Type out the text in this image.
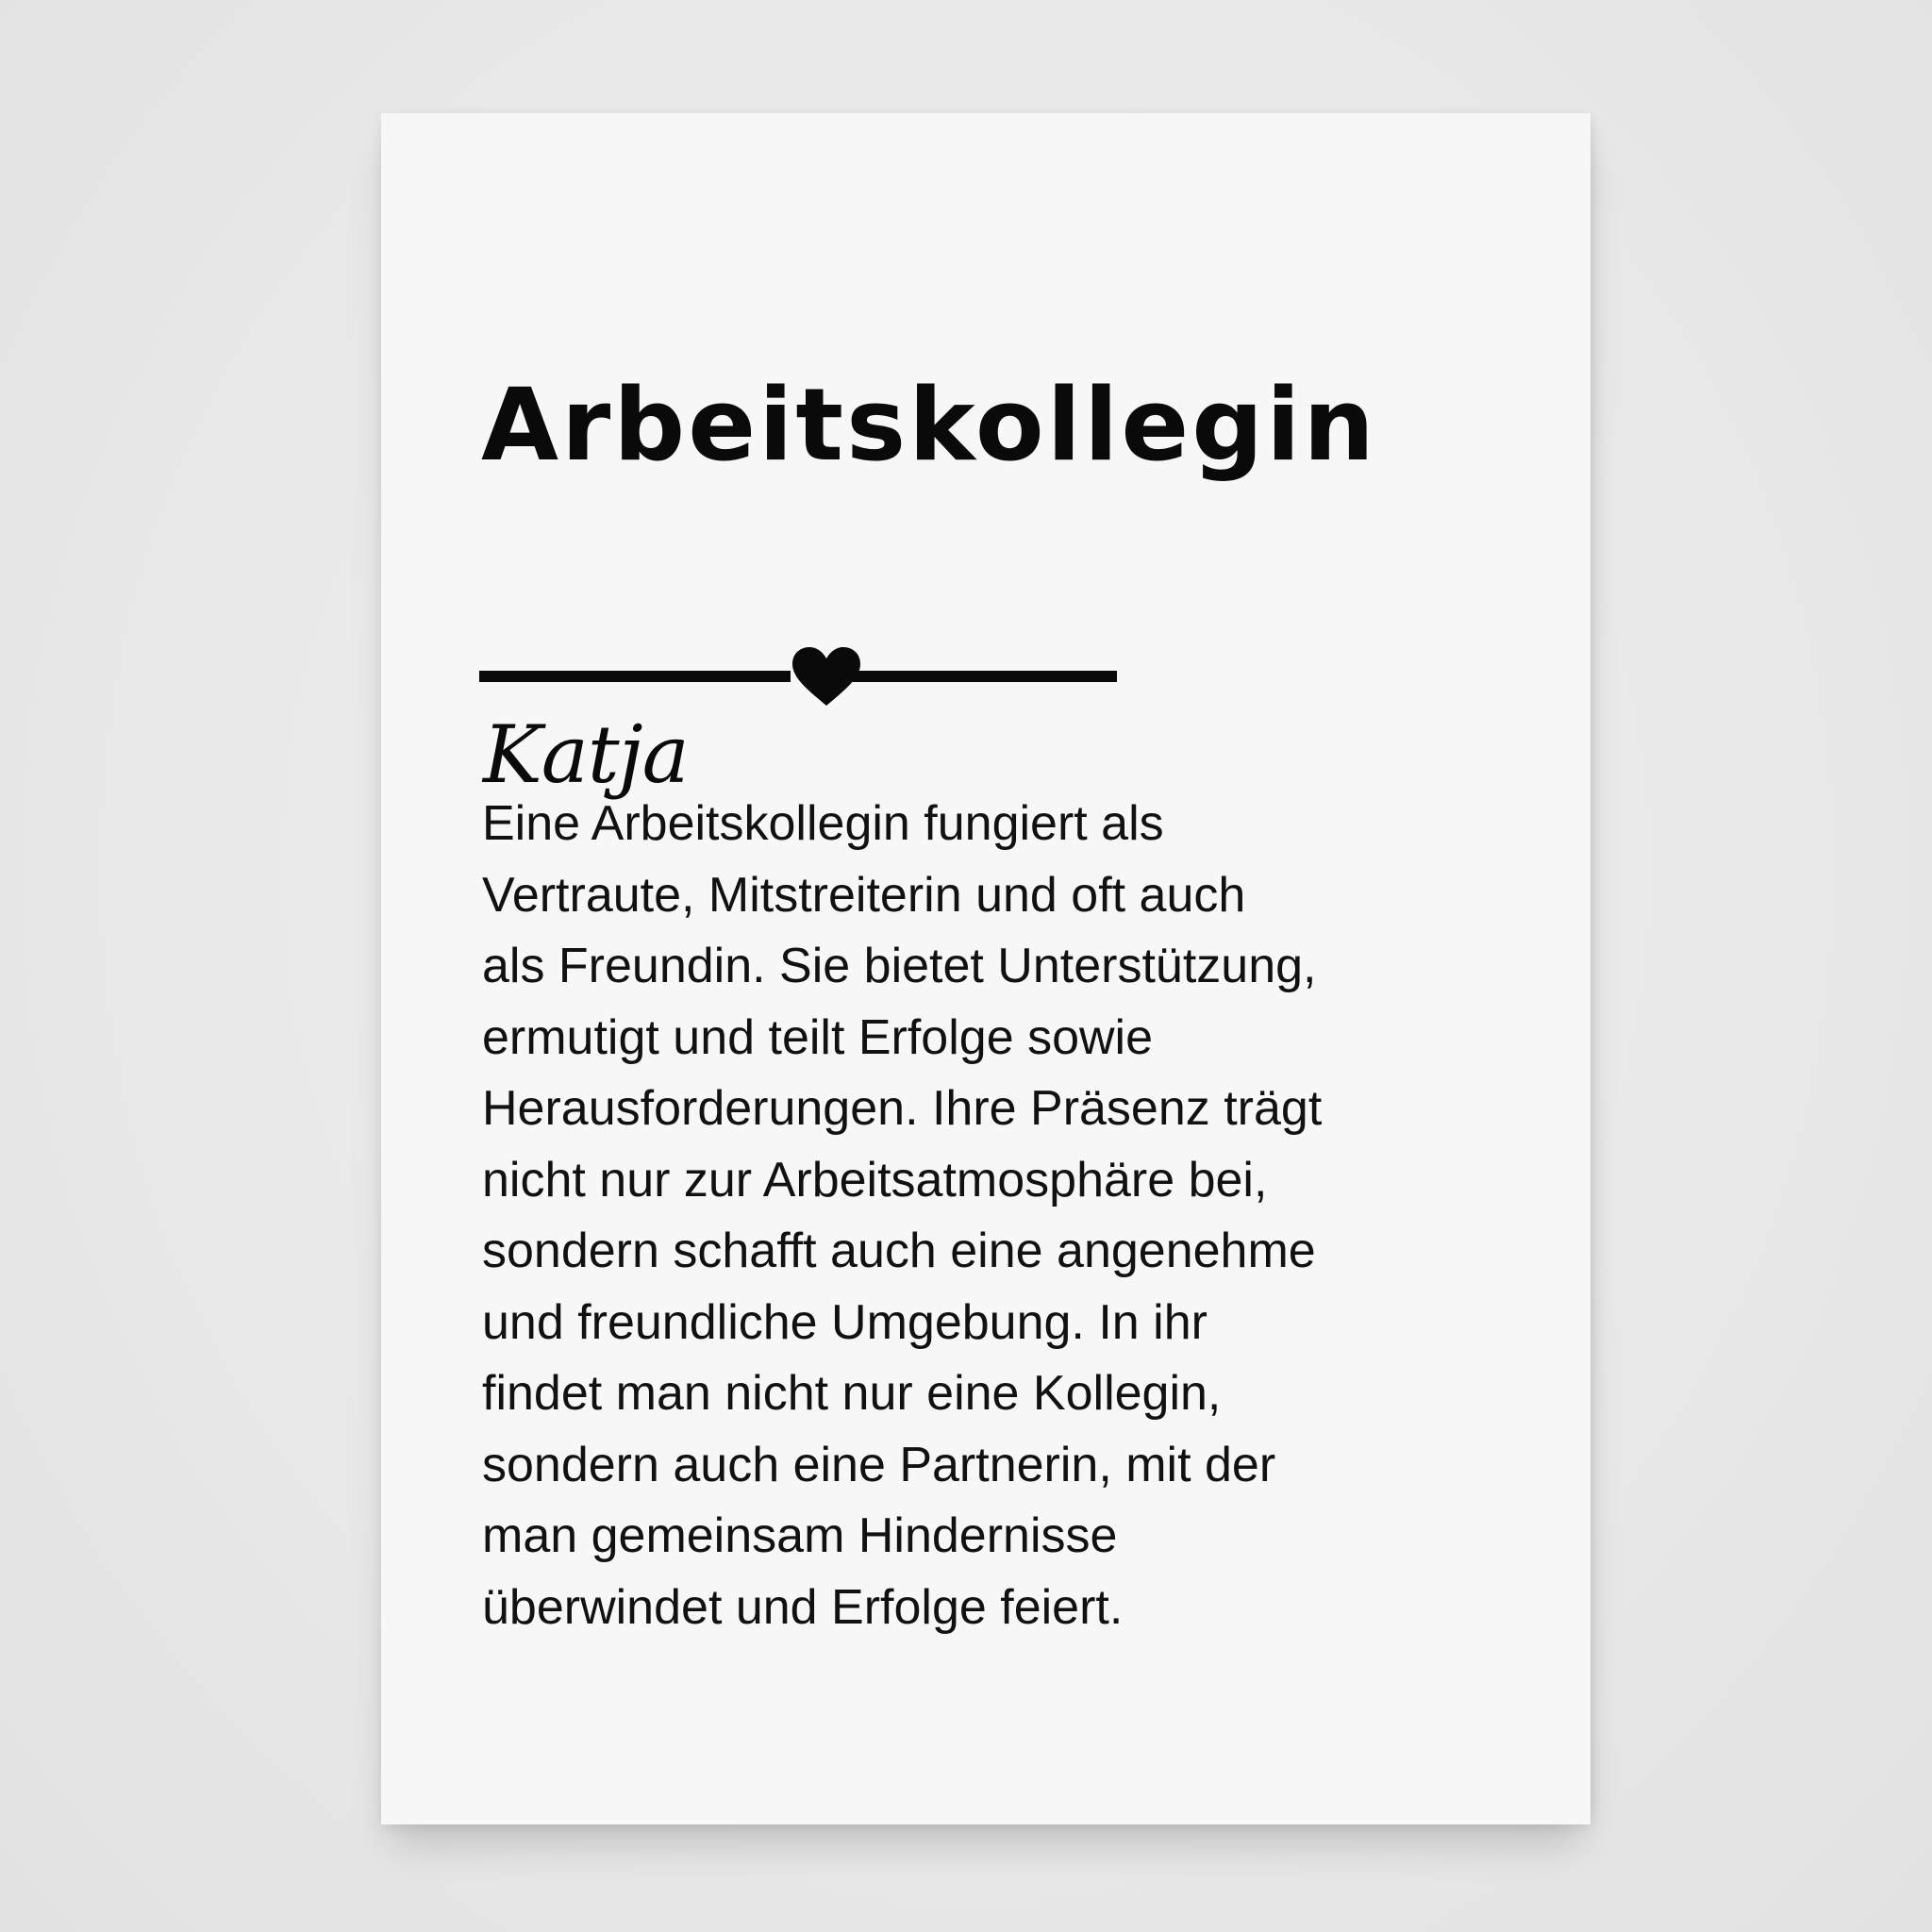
Arbeitskollegin
Katja
Eine Arbeitskollegin fungiert als
Vertraute, Mitstreiterin und oft auch
als Freundin. Sie bietet Unterstützung,
ermutigt und teilt Erfolge sowie
Herausforderungen. Ihre Präsenz trägt
nicht nur zur Arbeitsatmosphäre bei,
sondern schafft auch eine angenehme
und freundliche Umgebung. In ihr
findet man nicht nur eine Kollegin,
sondern auch eine Partnerin, mit der
man gemeinsam Hindernisse
überwindet und Erfolge feiert.
